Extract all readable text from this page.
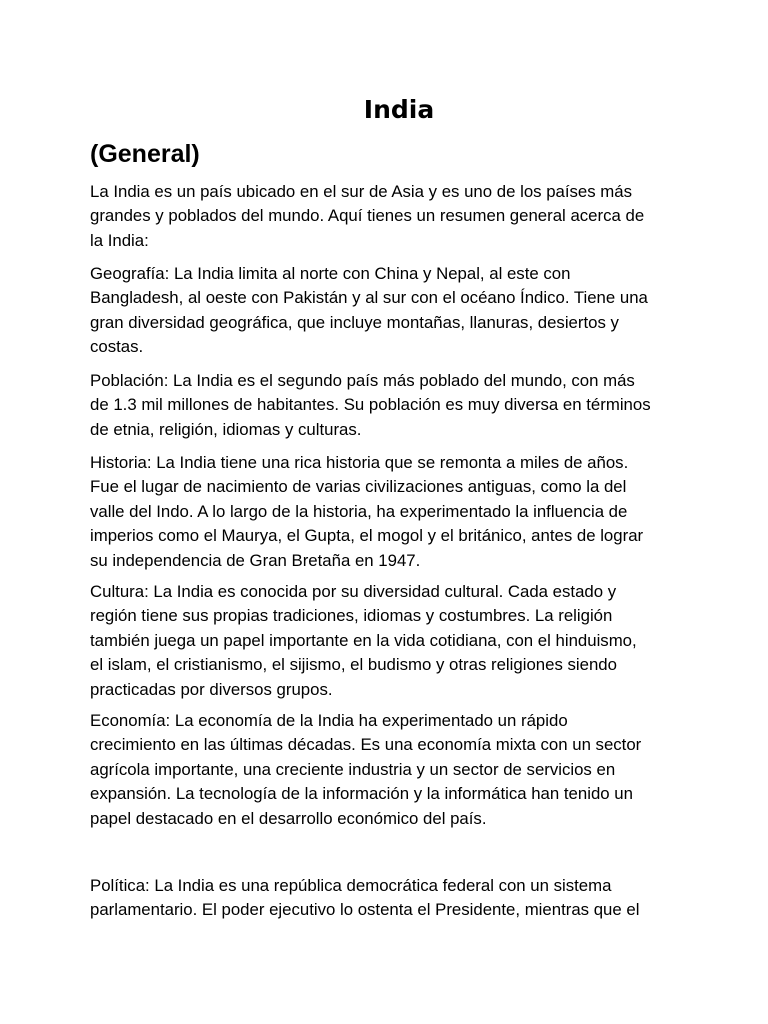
India
(General)

La India es un país ubicado en el sur de Asia y es uno de los países más
grandes y poblados del mundo. Aquí tienes un resumen general acerca de
la India:

Geografía: La India limita al norte con China y Nepal, al este con
Bangladesh, al oeste con Pakistán y al sur con el océano Índico. Tiene una
gran diversidad geográfica, que incluye montañas, llanuras, desiertos y
costas.

Población: La India es el segundo país más poblado del mundo, con más
de 1.3 mil millones de habitantes. Su población es muy diversa en términos
de etnia, religión, idiomas y culturas.

Historia: La India tiene una rica historia que se remonta a miles de años.
Fue el lugar de nacimiento de varias civilizaciones antiguas, como la del
valle del Indo. A lo largo de la historia, ha experimentado la influencia de
imperios como el Maurya, el Gupta, el mogol y el británico, antes de lograr
su independencia de Gran Bretaña en 1947.

Cultura: La India es conocida por su diversidad cultural. Cada estado y
región tiene sus propias tradiciones, idiomas y costumbres. La religión
también juega un papel importante en la vida cotidiana, con el hinduismo,
el islam, el cristianismo, el sijismo, el budismo y otras religiones siendo
practicadas por diversos grupos.

Economía: La economía de la India ha experimentado un rápido
crecimiento en las últimas décadas. Es una economía mixta con un sector
agrícola importante, una creciente industria y un sector de servicios en
expansión. La tecnología de la información y la informática han tenido un
papel destacado en el desarrollo económico del país.

Política: La India es una república democrática federal con un sistema
parlamentario. El poder ejecutivo lo ostenta el Presidente, mientras que el
